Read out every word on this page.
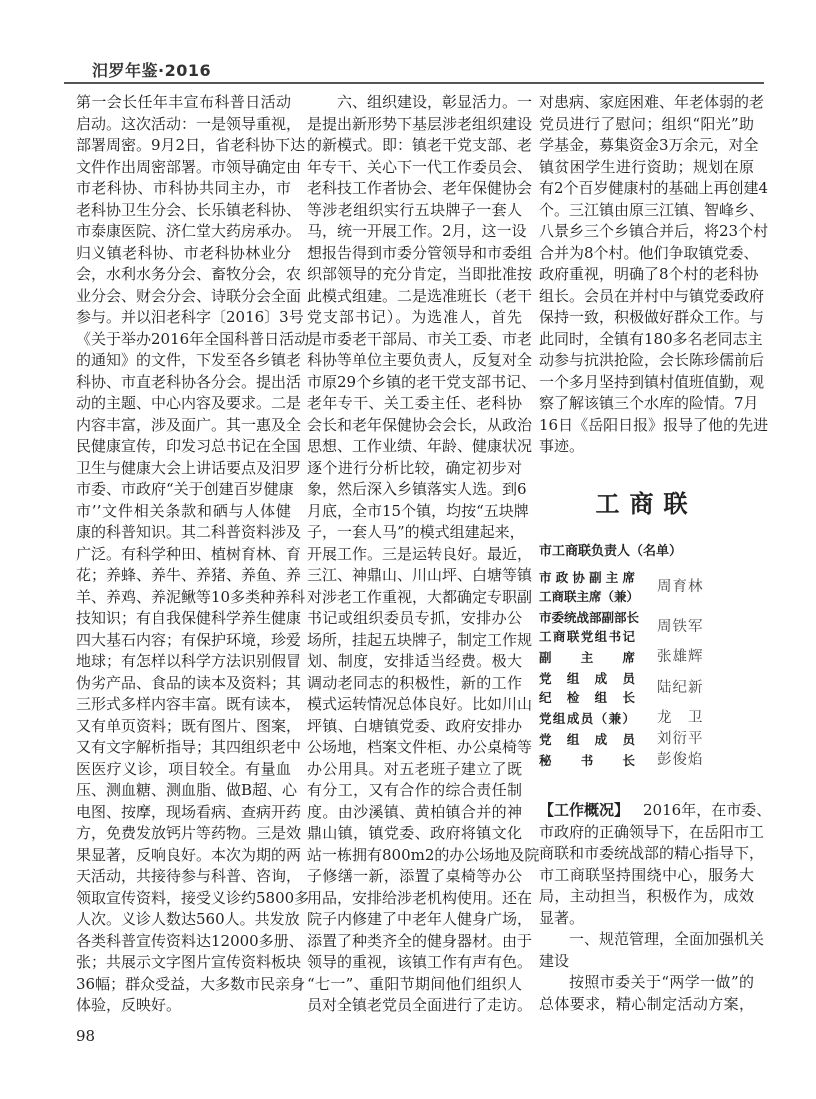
汨罗年鉴·2016
第一会长任年丰宣布科普日活动
启动。这次活动：一是领导重视，
部署周密。9月2日，省老科协下达
文件作出周密部署。市领导确定由
市老科协、市科协共同主办，市
老科协卫生分会、长乐镇老科协、
市泰康医院、济仁堂大药房承办。
归义镇老科协、市老科协林业分
会，水利水务分会、畜牧分会，农
业分会、财会分会、诗联分会全面
参与。并以汨老科字〔2016〕3号
《关于举办2016年全国科普日活动
的通知》的文件，下发至各乡镇老
科协、市直老科协各分会。提出活
动的主题、中心内容及要求。二是
内容丰富，涉及面广。其一惠及全
民健康宣传，印发习总书记在全国
卫生与健康大会上讲话要点及汨罗
市委、市政府“关于创建百岁健康
市’’文件相关条款和硒与人体健
康的科普知识。其二科普资料涉及
广泛。有科学种田、植树育林、育
花；养蜂、养牛、养猪、养鱼、养
羊、养鸡、养泥鳅等10多类种养科
技知识；有自我保健科学养生健康
四大基石内容；有保护环境，珍爱
地球；有怎样以科学方法识别假冒
伪劣产品、食品的读本及资料；其
三形式多样内容丰富。既有读本，
又有单页资料；既有图片、图案，
又有文字解析指导；其四组织老中
医医疗义诊，项目较全。有量血
压、测血糖、测血脂、做B超、心
电图、按摩，现场看病、查病开药
方，免费发放钙片等药物。三是效
果显著，反响良好。本次为期的两
天活动，共接待参与科普、咨询，
领取宣传资料，接受义诊约5800多
人次。义诊人数达560人。共发放
各类科普宣传资料达12000多册、
张；共展示文字图片宣传资料板块
36幅；群众受益，大多数市民亲身
体验，反映好。
六、组织建设，彰显活力。一
是提出新形势下基层涉老组织建设
的新模式。即：镇老干党支部、老
年专干、关心下一代工作委员会、
老科技工作者协会、老年保健协会
等涉老组织实行五块牌子一套人
马，统一开展工作。2月，这一设
想报告得到市委分管领导和市委组
织部领导的充分肯定，当即批准按
此模式组建。二是选准班长（老干
党支部书记）。为选准人，首先
是市委老干部局、市关工委、市老
科协等单位主要负责人，反复对全
市原29个乡镇的老干党支部书记、
老年专干、关工委主任、老科协
会长和老年保健协会会长，从政治
思想、工作业绩、年龄、健康状况
逐个进行分析比较，确定初步对
象，然后深入乡镇落实人选。到6
月底，全市15个镇，均按“五块牌
子，一套人马”的模式组建起来，
开展工作。三是运转良好。最近，
三江、神鼎山、川山坪、白塘等镇
对涉老工作重视，大都确定专职副
书记或组织委员专抓，安排办公
场所，挂起五块牌子，制定工作规
划、制度，安排适当经费。极大
调动老同志的积极性，新的工作
模式运转情况总体良好。比如川山
坪镇、白塘镇党委、政府安排办
公场地，档案文件柜、办公桌椅等
办公用具。对五老班子建立了既
有分工，又有合作的综合责任制
度。由沙溪镇、黄柏镇合并的神
鼎山镇，镇党委、政府将镇文化
站一栋拥有800m2的办公场地及院
子修缮一新，添置了桌椅等办公
用品，安排给涉老机构使用。还在
院子内修建了中老年人健身广场，
添置了种类齐全的健身器材。由于
领导的重视，该镇工作有声有色。
“七一”、重阳节期间他们组织人
员对全镇老党员全面进行了走访。
对患病、家庭困难、年老体弱的老
党员进行了慰问；组织“阳光”助
学基金，募集资金3万余元，对全
镇贫困学生进行资助；规划在原
有2个百岁健康村的基础上再创建4
个。三江镇由原三江镇、智峰乡、
八景乡三个乡镇合并后，将23个村
合并为8个村。他们争取镇党委、
政府重视，明确了8个村的老科协
组长。会员在并村中与镇党委政府
保持一致，积极做好群众工作。与
此同时，全镇有180多名老同志主
动参与抗洪抢险，会长陈珍儒前后
一个多月坚持到镇村值班值勤，观
察了解该镇三个水库的险情。7月
16日《岳阳日报》报导了他的先进
事迹。
工商联
市工商联负责人（名单）
市政协副主席
工商联主席（兼）
周育林
市委统战部副部长
工商联党组书记
周铁军
副主席 张雄辉
党组成员
纪检组长
陆纪新
党组成员（兼） 龙　卫
党组成员 刘衍平
秘书长 彭俊焰
【工作概况】 2016年，在市委、
市政府的正确领导下，在岳阳市工
商联和市委统战部的精心指导下，
市工商联坚持围绕中心，服务大
局，主动担当，积极作为，成效
显著。
一、规范管理，全面加强机关
建设
按照市委关于“两学一做”的
总体要求，精心制定活动方案，
98
